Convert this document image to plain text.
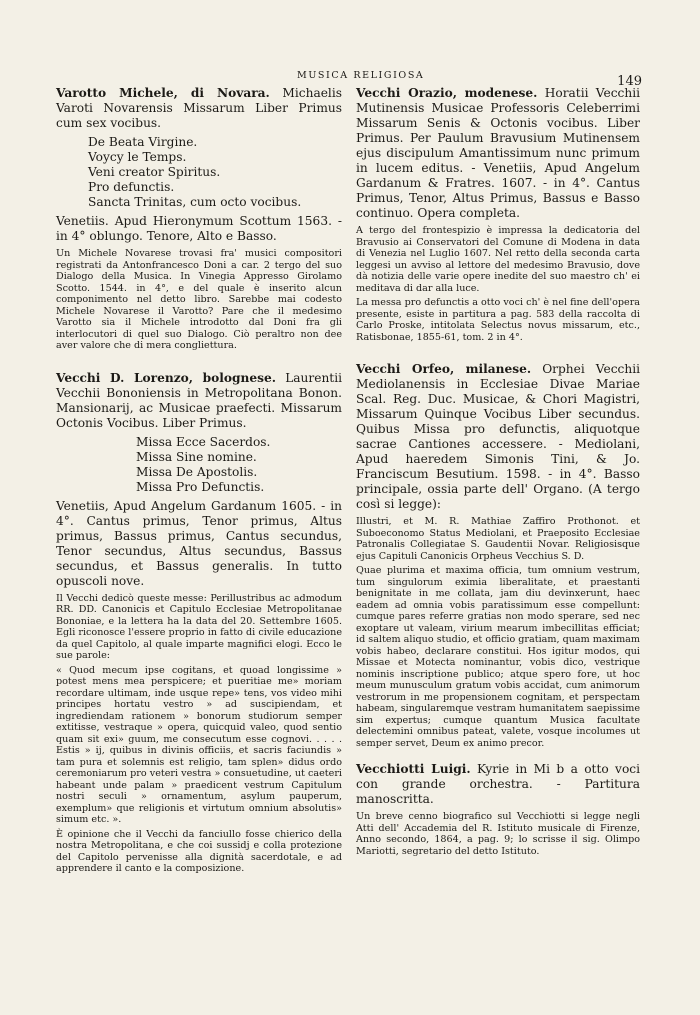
MUSICA RELIGIOSA	149

Varotto Michele, di Novara. Michaelis Varoti Novarensis Missarum Liber Primus cum sex vocibus.

De Beata Virgine.
Voycy le Temps.
Veni creator Spiritus.
Pro defunctis.
Sancta Trinitas, cum octo vocibus.

Venetiis. Apud Hieronymum Scottum 1563. - in 4° oblungo. Tenore, Alto e Basso.

Un Michele Novarese trovasi fra' musici compositori registrati da Antonfrancesco Doni a car. 2 tergo del suo Dialogo della Musica. In Vinegia Appresso Girolamo Scotto. 1544. in 4°, e del quale è inserito alcun componimento nel detto libro. Sarebbe mai codesto Michele Novarese il Varotto? Pare che il medesimo Varotto sia il Michele introdotto dal Doni fra gli interlocutori di quel suo Dialogo. Ciò peraltro non dee aver valore che di mera congliettura.

Vecchi D. Lorenzo, bolognese. Laurentii Vecchii Bononiensis in Metropolitana Bonon. Mansionarij, ac Musicae praefecti. Missarum Octonis Vocibus. Liber Primus.

Missa Ecce Sacerdos.
Missa Sine nomine.
Missa De Apostolis.
Missa Pro Defunctis.

Venetiis, Apud Angelum Gardanum 1605. - in 4°. Cantus primus, Tenor primus, Altus primus, Bassus primus, Cantus secundus, Tenor secundus, Altus secundus, Bassus secundus, et Bassus generalis. In tutto opuscoli nove.

Il Vecchi dedicò queste messe: Perillustribus ac admodum RR. DD. Canonicis et Capitulo Ecclesiae Metropolitanae Bononiae, e la lettera ha la data del 20. Settembre 1605. Egli riconosce l'essere proprio in fatto di civile educazione da quel Capitolo, al quale imparte magnifici elogi. Ecco le sue parole:

« Quod mecum ipse cogitans, et quoad longissime » potest mens mea perspicere; et pueritiae me» moriam recordare ultimam, inde usque repe» tens, vos video mihi principes hortatu vestro » ad suscipiendam, et ingrediendam rationem » bonorum studiorum semper extitisse, vestraque » opera, quicquid valeo, quod sentio quam sit exi» guum, me consecutum esse cognovi. . . . . Estis » ij, quibus in divinis officiis, et sacris faciundis » tam pura et solemnis est religio, tam splen» didus ordo ceremoniarum pro veteri vestra » consuetudine, ut caeteri habeant unde palam » praedicent vestrum Capitulum nostri seculi » ornamentum, asylum pauperum, exemplum» que religionis et virtutum omnium absolutis» simum etc. ».

È opinione che il Vecchi da fanciullo fosse chierico della nostra Metropolitana, e che coi sussidj e colla protezione del Capitolo pervenisse alla dignità sacerdotale, e ad apprendere il canto e la composizione.

Vecchi Orazio, modenese. Horatii Vecchii Mutinensis Musicae Professoris Celeberrimi Missarum Senis & Octonis vocibus. Liber Primus. Per Paulum Bravusium Mutinensem ejus discipulum Amantissimum nunc primum in lucem editus. - Venetiis, Apud Angelum Gardanum & Fratres. 1607. - in 4°. Cantus Primus, Tenor, Altus Primus, Bassus e Basso continuo. Opera completa.

A tergo del frontespizio è impressa la dedicatoria del Bravusio ai Conservatori del Comune di Modena in data di Venezia nel Luglio 1607. Nel retto della seconda carta leggesi un avviso al lettore del medesimo Bravusio, dove dà notizia delle varie opere inedite del suo maestro ch' ei meditava di dar alla luce.

La messa pro defunctis a otto voci ch' è nel fine dell'opera presente, esiste in partitura a pag. 583 della raccolta di Carlo Proske, intitolata Selectus novus missarum, etc., Ratisbonae, 1855-61, tom. 2 in 4°.

Vecchi Orfeo, milanese. Orphei Vecchii Mediolanensis in Ecclesiae Divae Mariae Scal. Reg. Duc. Musicae, & Chori Magistri, Missarum Quinque Vocibus Liber secundus. Quibus Missa pro defunctis, aliquotque sacrae Cantiones accessere. - Mediolani, Apud haeredem Simonis Tini, & Jo. Franciscum Besutium. 1598. - in 4°. Basso principale, ossia parte dell' Organo. (A tergo così si legge):

Illustri, et M. R. Mathiae Zaffiro Prothonot. et Suboeconomo Status Mediolani, et Praeposito Ecclesiae Patronalis Collegiatae S. Gaudentii Novar. Religiosisque ejus Capituli Canonicis Orpheus Vecchius S. D.

Quae plurima et maxima officia, tum omnium vestrum, tum singulorum eximia liberalitate, et praestanti benignitate in me collata, jam diu devinxerunt, haec eadem ad omnia vobis paratissimum esse compellunt: cumque pares referre gratias non modo sperare, sed nec exoptare ut valeam, virium mearum imbecillitas efficiat; id saltem aliquo studio, et officio gratiam, quam maximam vobis habeo, declarare constitui. Hos igitur modos, qui Missae et Motecta nominantur, vobis dico, vestrique nominis inscriptione publico; atque spero fore, ut hoc meum munusculum gratum vobis accidat, cum animorum vestrorum in me propensionem cognitam, et perspectam habeam, singularemque vestram humanitatem saepissime sim expertus; cumque quantum Musica facultate delectemini omnibus pateat, valete, vosque incolumes ut semper servet, Deum ex animo precor.

Vecchiotti Luigi. Kyrie in Mi b a otto voci con grande orchestra. - Partitura manoscritta.

Un breve cenno biografico sul Vecchiotti si legge negli Atti dell' Accademia del R. Istituto musicale di Firenze, Anno secondo, 1864, a pag. 9; lo scrisse il sig. Olimpo Mariotti, segretario del detto Istituto.
